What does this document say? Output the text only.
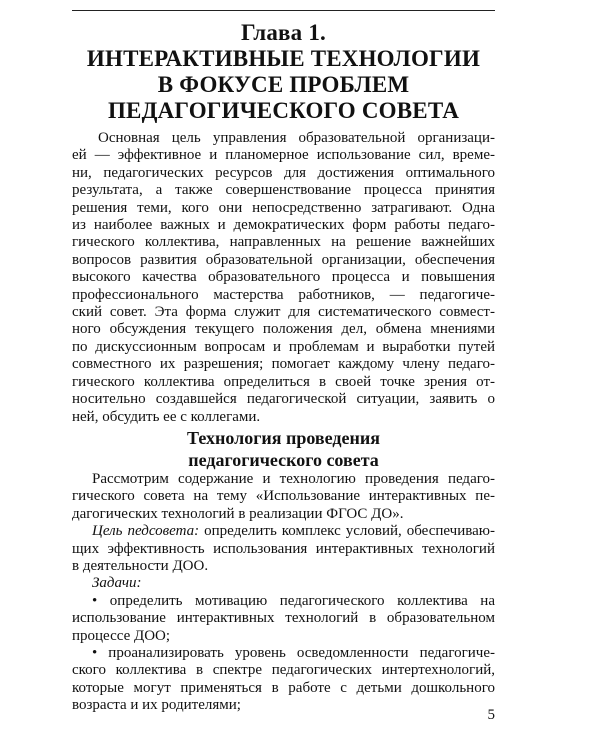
Глава 1.
ИНТЕРАКТИВНЫЕ ТЕХНОЛОГИИ
В ФОКУСЕ ПРОБЛЕМ
ПЕДАГОГИЧЕСКОГО СОВЕТА
Основная цель управления образовательной организаци-
ей — эффективное и планомерное использование сил, време-
ни, педагогических ресурсов для достижения оптимального
результата, а также совершенствование процесса принятия
решения теми, кого они непосредственно затрагивают. Одна
из наиболее важных и демократических форм работы педаго-
гического коллектива, направленных на решение важнейших
вопросов развития образовательной организации, обеспечения
высокого качества образовательного процесса и повышения
профессионального мастерства работников, — педагогиче-
ский совет. Эта форма служит для систематического совмест-
ного обсуждения текущего положения дел, обмена мнениями
по дискуссионным вопросам и проблемам и выработки путей
совместного их разрешения; помогает каждому члену педаго-
гического коллектива определиться в своей точке зрения от-
носительно создавшейся педагогической ситуации, заявить о
ней, обсудить ее с коллегами.
Технология проведения
педагогического совета
Рассмотрим содержание и технологию проведения педаго-
гического совета на тему «Использование интерактивных пе-
дагогических технологий в реализации ФГОС ДО».
Цель педсовета: определить комплекс условий, обеспечиваю-
щих эффективность использования интерактивных технологий
в деятельности ДОО.
Задачи:
• определить мотивацию педагогического коллектива на
использование интерактивных технологий в образовательном
процессе ДОО;
• проанализировать уровень осведомленности педагогиче-
ского коллектива в спектре педагогических интертехнологий,
которые могут применяться в работе с детьми дошкольного
возраста и их родителями;
5
